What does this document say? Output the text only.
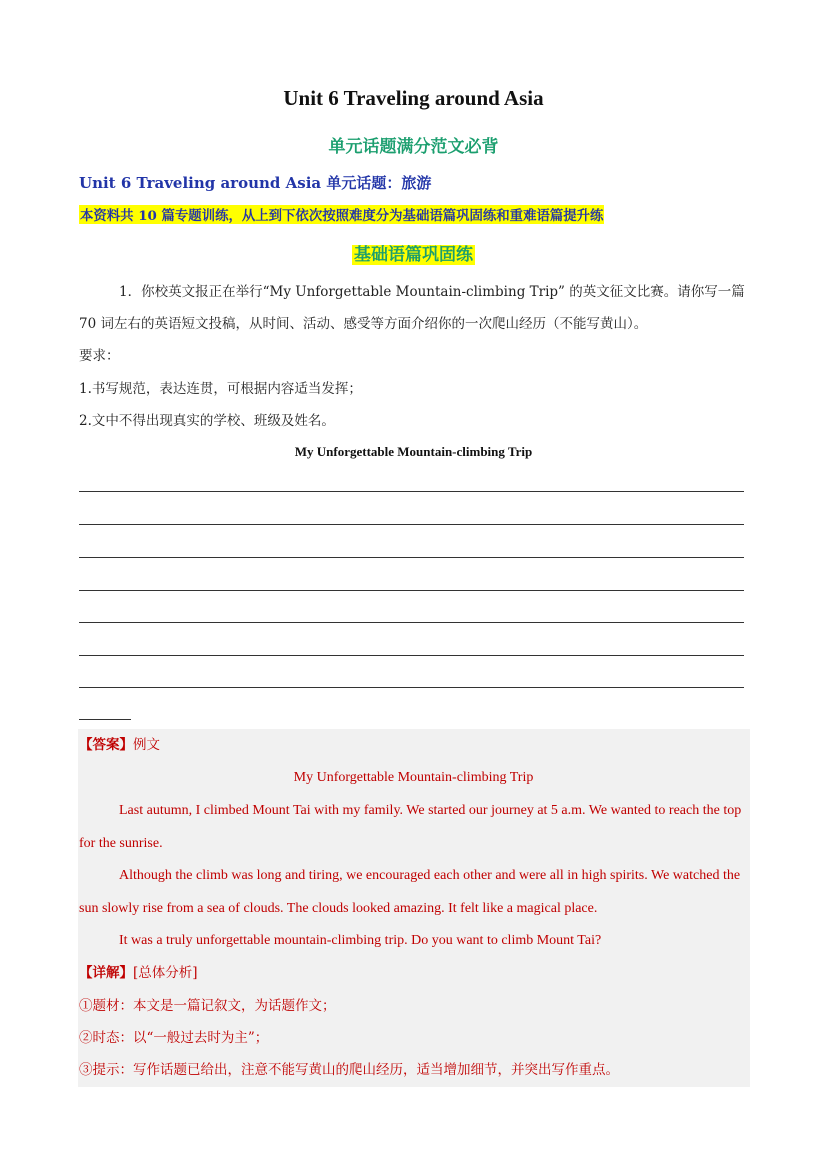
Unit 6 Traveling around Asia
单元话题满分范文必背
Unit 6 Traveling around Asia 单元话题：旅游
本资料共 10 篇专题训练，从上到下依次按照难度分为基础语篇巩固练和重难语篇提升练
基础语篇巩固练
1．你校英文报正在举行“My Unforgettable Mountain-climbing Trip” 的英文征文比赛。请你写一篇 70 词左右的英语短文投稿，从时间、活动、感受等方面介绍你的一次爬山经历（不能写黄山）。
要求：
1.书写规范，表达连贯，可根据内容适当发挥；
2.文中不得出现真实的学校、班级及姓名。
My Unforgettable Mountain-climbing Trip
【答案】例文
My Unforgettable Mountain-climbing Trip
Last autumn, I climbed Mount Tai with my family. We started our journey at 5 a.m. We wanted to reach the top for the sunrise.
Although the climb was long and tiring, we encouraged each other and were all in high spirits. We watched the sun slowly rise from a sea of clouds. The clouds looked amazing. It felt like a magical place.
It was a truly unforgettable mountain-climbing trip. Do you want to climb Mount Tai?
【详解】[总体分析]
①题材：本文是一篇记叙文，为话题作文；
②时态：以“一般过去时为主”；
③提示：写作话题已给出，注意不能写黄山的爬山经历，适当增加细节，并突出写作重点。
